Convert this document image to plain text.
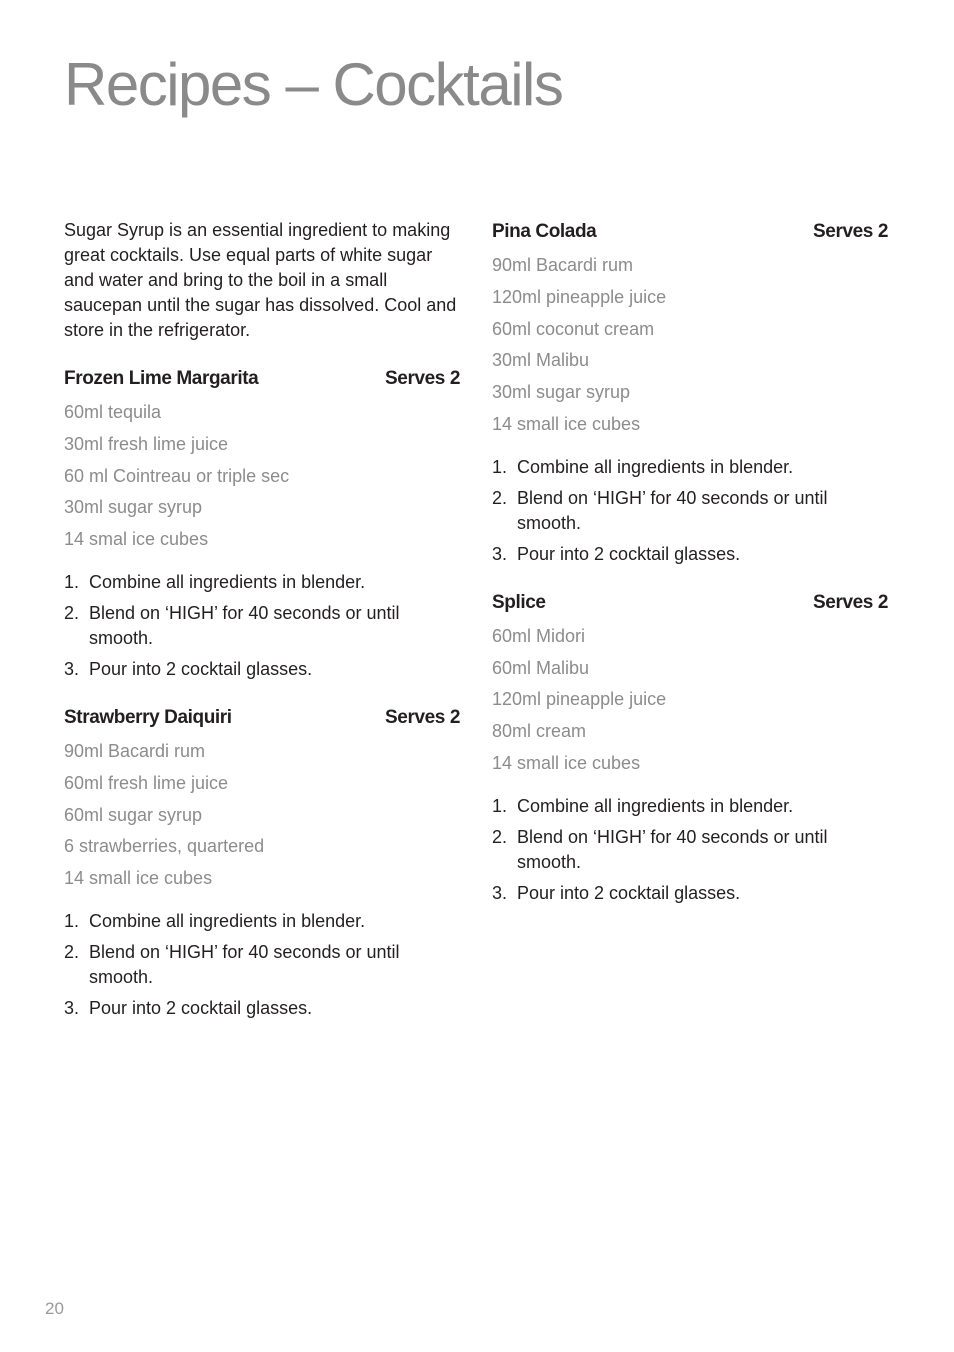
Recipes – Cocktails

Sugar Syrup is an essential ingredient to making great cocktails. Use equal parts of white sugar and water and bring to the boil in a small saucepan until the sugar has dissolved. Cool and store in the refrigerator.

Frozen Lime Margarita	Serves 2
60ml tequila
30ml fresh lime juice
60 ml Cointreau or triple sec
30ml sugar syrup
14 smal ice cubes
1. Combine all ingredients in blender.
2. Blend on ‘HIGH’ for 40 seconds or until smooth.
3. Pour into 2 cocktail glasses.
Strawberry Daiquiri	Serves 2
90ml Bacardi rum
60ml fresh lime juice
60ml sugar syrup
6 strawberries, quartered
14 small ice cubes
1. Combine all ingredients in blender.
2. Blend on ‘HIGH’ for 40 seconds or until smooth.
3. Pour into 2 cocktail glasses.
Pina Colada	Serves 2
90ml Bacardi rum
120ml pineapple juice
60ml coconut cream
30ml Malibu
30ml sugar syrup
14 small ice cubes
1. Combine all ingredients in blender.
2. Blend on ‘HIGH’ for 40 seconds or until smooth.
3. Pour into 2 cocktail glasses.
Splice	Serves 2
60ml Midori
60ml Malibu
120ml pineapple juice
80ml cream
14 small ice cubes
1. Combine all ingredients in blender.
2. Blend on ‘HIGH’ for 40 seconds or until smooth.
3. Pour into 2 cocktail glasses.
20
